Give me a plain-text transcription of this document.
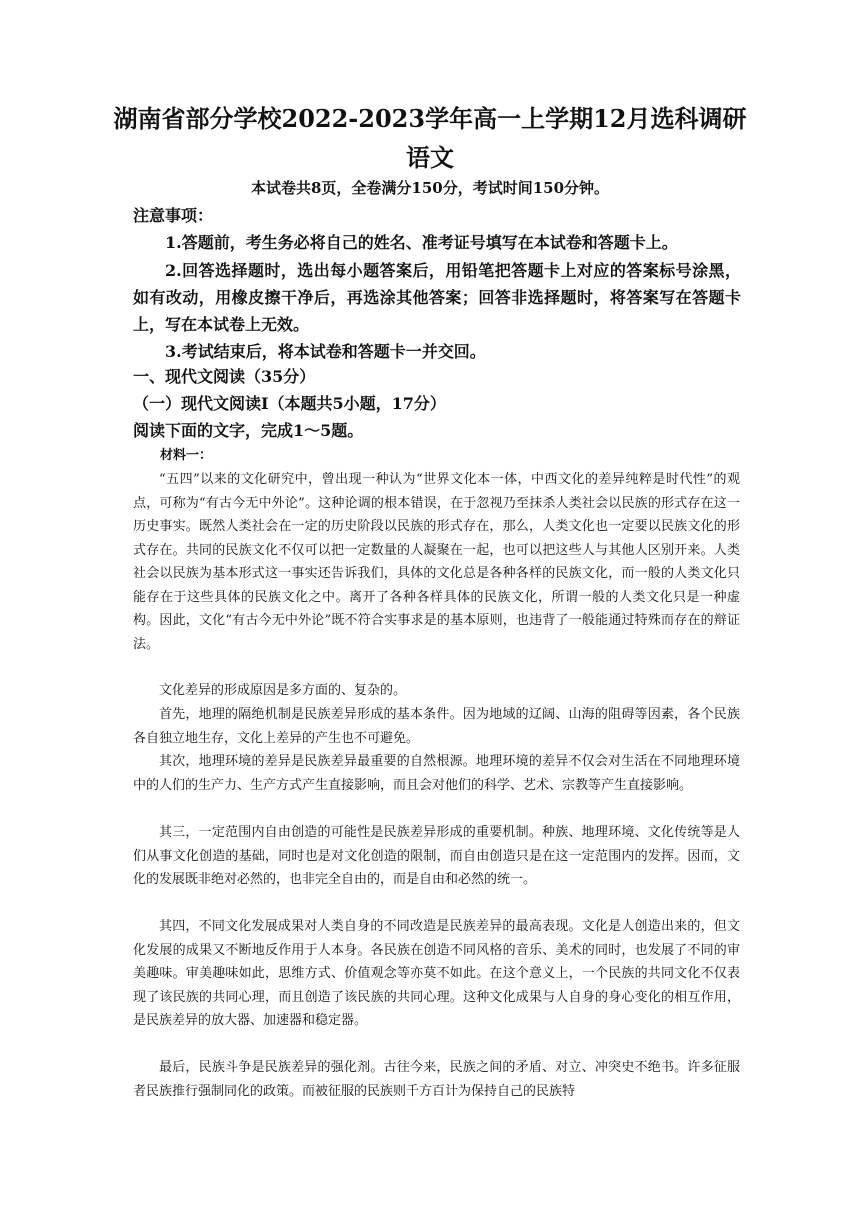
湖南省部分学校2022-2023学年高一上学期12月选科调研
语文
本试卷共8页，全卷满分150分，考试时间150分钟。
注意事项：
1.答题前，考生务必将自己的姓名、准考证号填写在本试卷和答题卡上。
2.回答选择题时，选出每小题答案后，用铅笔把答题卡上对应的答案标号涂黑，如有改动，用橡皮擦干净后，再选涂其他答案；回答非选择题时，将答案写在答题卡上，写在本试卷上无效。
3.考试结束后，将本试卷和答题卡一并交回。
一、现代文阅读（35分）
（一）现代文阅读Ⅰ（本题共5小题，17分）
阅读下面的文字，完成1～5题。
材料一：
“五四”以来的文化研究中，曾出现一种认为“世界文化本一体，中西文化的差异纯粹是时代性”的观点，可称为“有古今无中外论”。这种论调的根本错误，在于忽视乃至抹杀人类社会以民族的形式存在这一历史事实。既然人类社会在一定的历史阶段以民族的形式存在，那么，人类文化也一定要以民族文化的形式存在。共同的民族文化不仅可以把一定数量的人凝聚在一起，也可以把这些人与其他人区别开来。人类社会以民族为基本形式这一事实还告诉我们，具体的文化总是各种各样的民族文化，而一般的人类文化只能存在于这些具体的民族文化之中。离开了各种各样具体的民族文化，所谓一般的人类文化只是一种虚构。因此，文化“有古今无中外论”既不符合实事求是的基本原则，也违背了一般能通过特殊而存在的辩证法。
文化差异的形成原因是多方面的、复杂的。
首先，地理的隔绝机制是民族差异形成的基本条件。因为地域的辽阔、山海的阻碍等因素，各个民族各自独立地生存，文化上差异的产生也不可避免。
其次，地理环境的差异是民族差异最重要的自然根源。地理环境的差异不仅会对生活在不同地理环境中的人们的生产力、生产方式产生直接影响，而且会对他们的科学、艺术、宗教等产生直接影响。
其三，一定范围内自由创造的可能性是民族差异形成的重要机制。种族、地理环境、文化传统等是人们从事文化创造的基础，同时也是对文化创造的限制，而自由创造只是在这一定范围内的发挥。因而，文化的发展既非绝对必然的，也非完全自由的，而是自由和必然的统一。
其四，不同文化发展成果对人类自身的不同改造是民族差异的最高表现。文化是人创造出来的，但文化发展的成果又不断地反作用于人本身。各民族在创造不同风格的音乐、美术的同时，也发展了不同的审美趣味。审美趣味如此，思维方式、价值观念等亦莫不如此。在这个意义上，一个民族的共同文化不仅表现了该民族的共同心理，而且创造了该民族的共同心理。这种文化成果与人自身的身心变化的相互作用，是民族差异的放大器、加速器和稳定器。
最后，民族斗争是民族差异的强化剂。古往今来，民族之间的矛盾、对立、冲突史不绝书。许多征服者民族推行强制同化的政策。而被征服的民族则千方百计为保持自己的民族特
